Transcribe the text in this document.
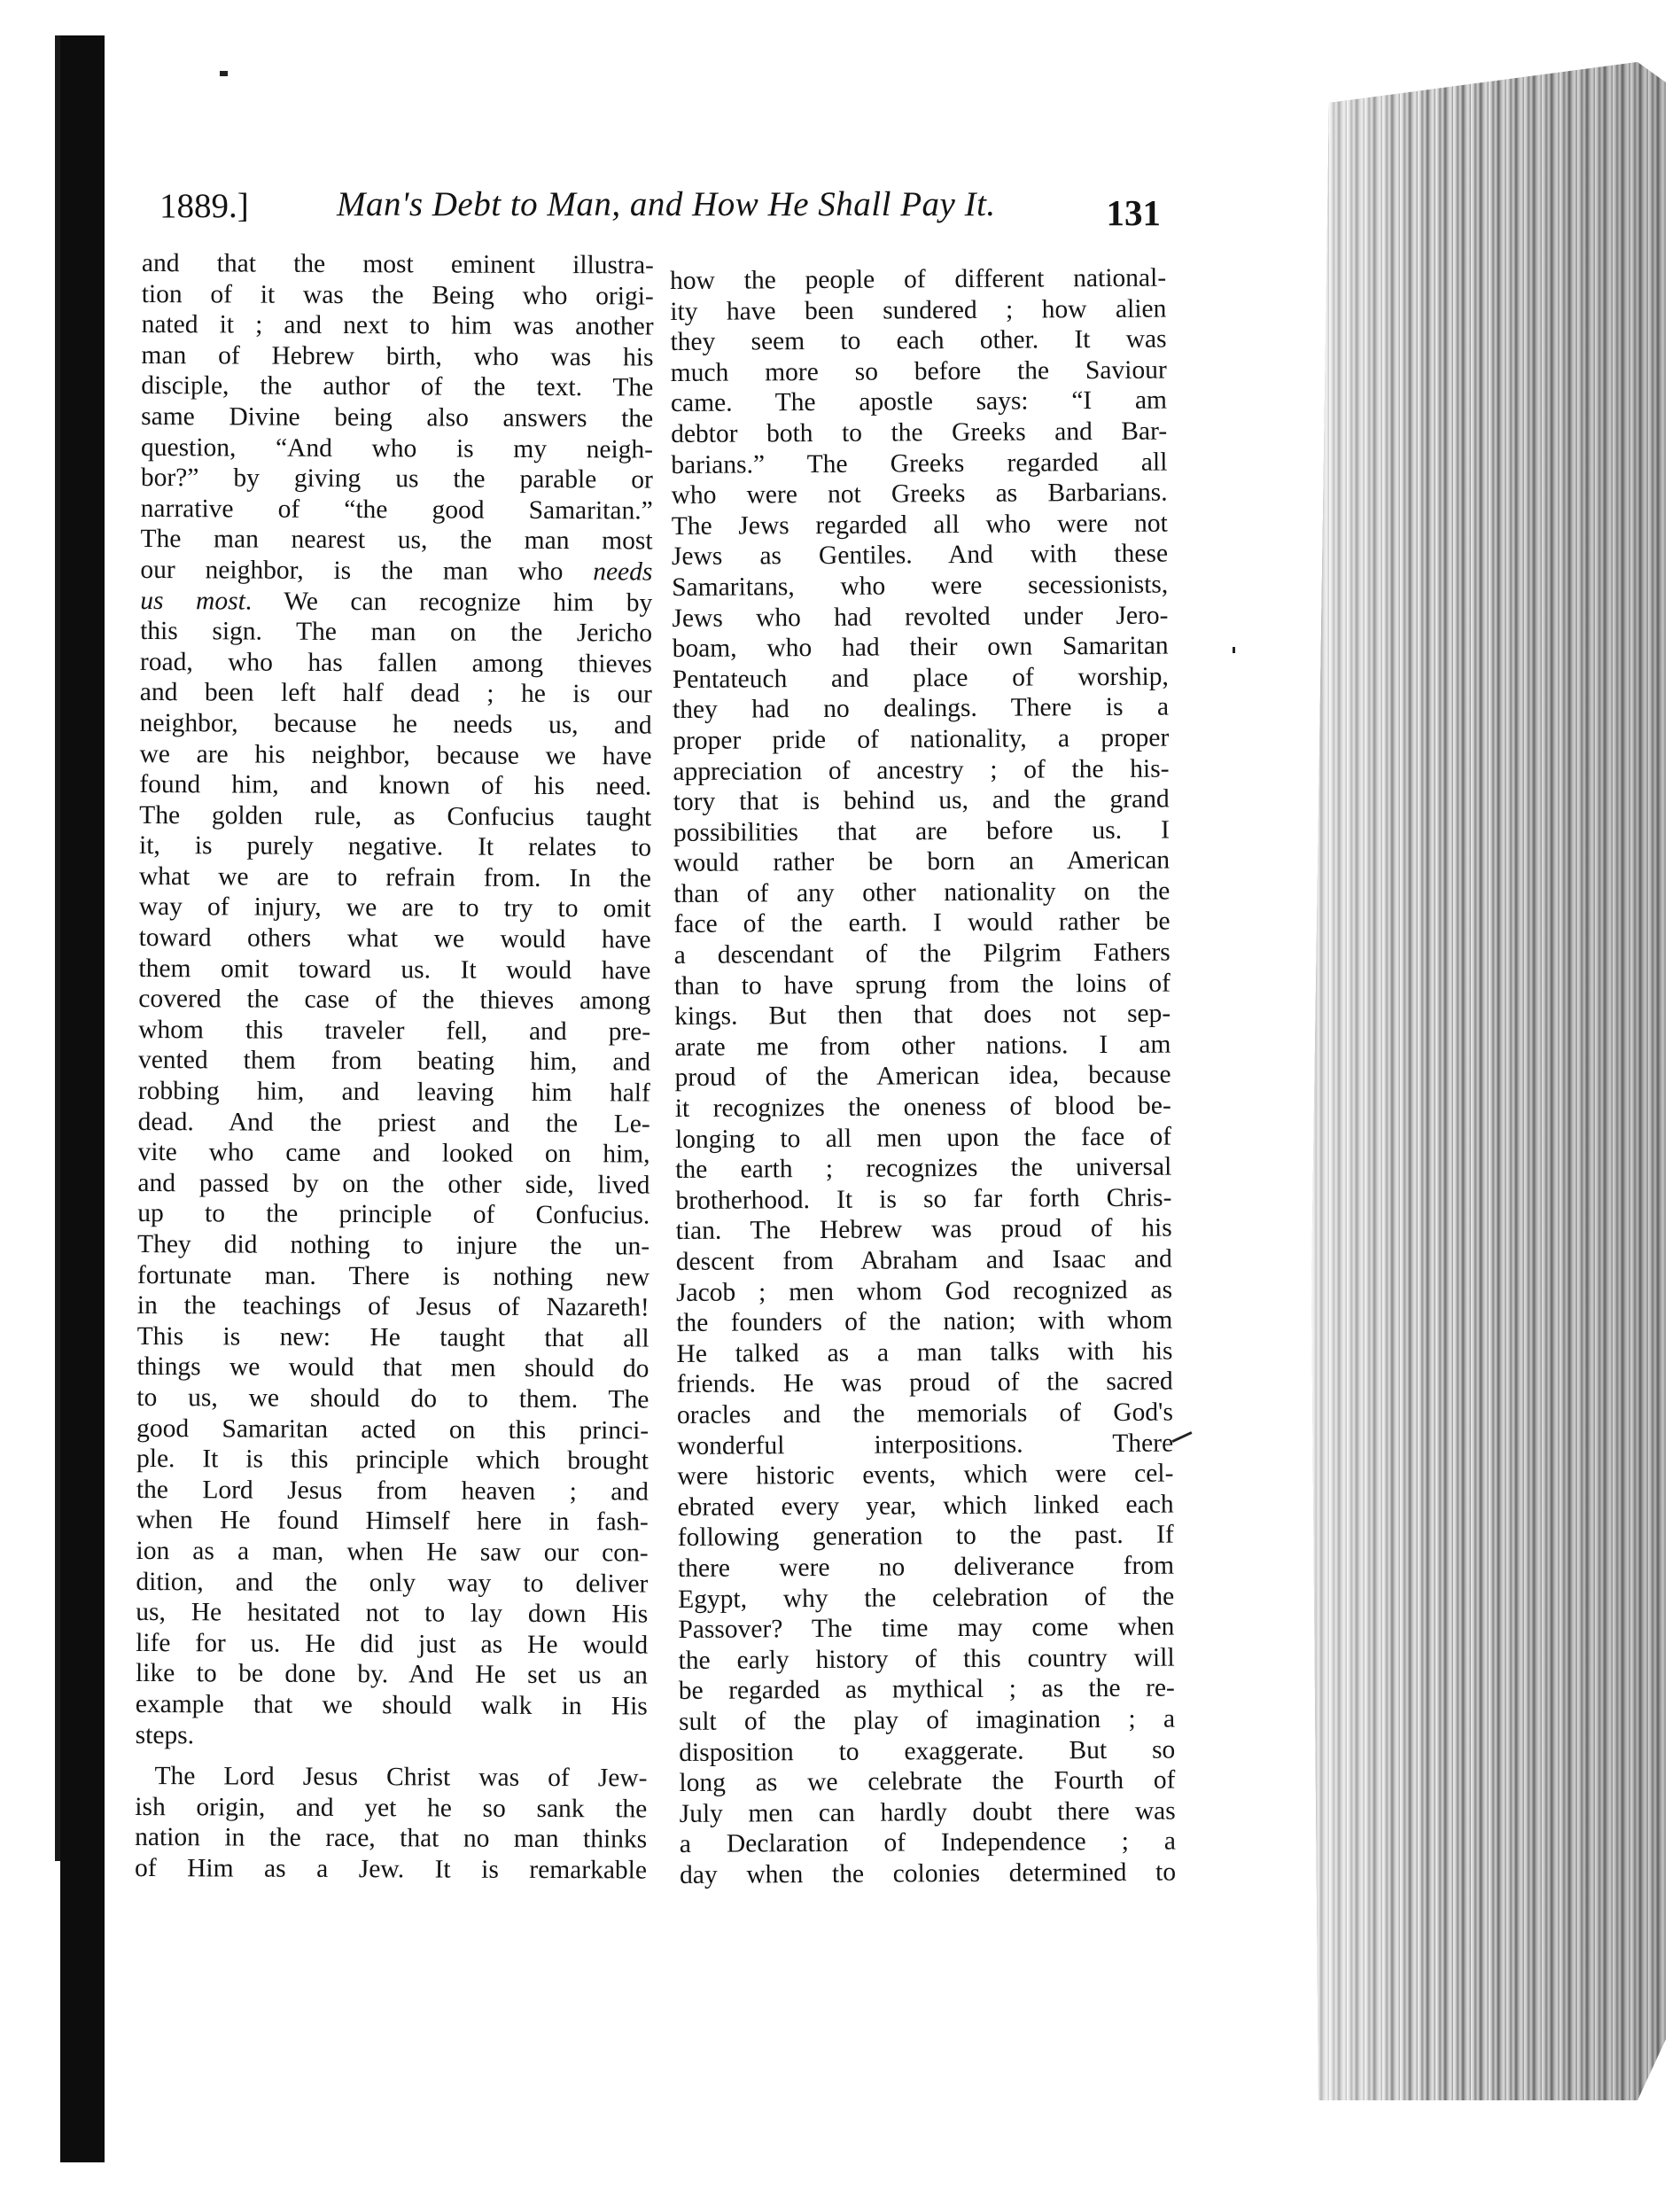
1889.]	Man's Debt to Man, and How He Shall Pay It.	131
and that the most eminent illustra-
tion of it was the Being who origi-
nated it ; and next to him was another
man of Hebrew birth, who was his
disciple, the author of the text. The
same Divine being also answers the
question, “And who is my neigh-
bor?” by giving us the parable or
narrative of “the good Samaritan.”
The man nearest us, the man most
our neighbor, is the man who needs
us most. We can recognize him by
this sign. The man on the Jericho
road, who has fallen among thieves
and been left half dead ; he is our
neighbor, because he needs us, and
we are his neighbor, because we have
found him, and known of his need.
The golden rule, as Confucius taught
it, is purely negative. It relates to
what we are to refrain from. In the
way of injury, we are to try to omit
toward others what we would have
them omit toward us. It would have
covered the case of the thieves among
whom this traveler fell, and pre-
vented them from beating him, and
robbing him, and leaving him half
dead. And the priest and the Le-
vite who came and looked on him,
and passed by on the other side, lived
up to the principle of Confucius.
They did nothing to injure the un-
fortunate man. There is nothing new
in the teachings of Jesus of Nazareth!
This is new: He taught that all
things we would that men should do
to us, we should do to them. The
good Samaritan acted on this princi-
ple. It is this principle which brought
the Lord Jesus from heaven ; and
when He found Himself here in fash-
ion as a man, when He saw our con-
dition, and the only way to deliver
us, He hesitated not to lay down His
life for us. He did just as He would
like to be done by. And He set us an
example that we should walk in His
steps.
The Lord Jesus Christ was of Jew-
ish origin, and yet he so sank the
nation in the race, that no man thinks
of Him as a Jew. It is remarkable
how the people of different national-
ity have been sundered ; how alien
they seem to each other. It was
much more so before the Saviour
came. The apostle says: “I am
debtor both to the Greeks and Bar-
barians.” The Greeks regarded all
who were not Greeks as Barbarians.
The Jews regarded all who were not
Jews as Gentiles. And with these
Samaritans, who were secessionists,
Jews who had revolted under Jero-
boam, who had their own Samaritan
Pentateuch and place of worship,
they had no dealings. There is a
proper pride of nationality, a proper
appreciation of ancestry ; of the his-
tory that is behind us, and the grand
possibilities that are before us. I
would rather be born an American
than of any other nationality on the
face of the earth. I would rather be
a descendant of the Pilgrim Fathers
than to have sprung from the loins of
kings. But then that does not sep-
arate me from other nations. I am
proud of the American idea, because
it recognizes the oneness of blood be-
longing to all men upon the face of
the earth ; recognizes the universal
brotherhood. It is so far forth Chris-
tian. The Hebrew was proud of his
descent from Abraham and Isaac and
Jacob ; men whom God recognized as
the founders of the nation; with whom
He talked as a man talks with his
friends. He was proud of the sacred
oracles and the memorials of God's
wonderful interpositions. There
were historic events, which were cel-
ebrated every year, which linked each
following generation to the past. If
there were no deliverance from
Egypt, why the celebration of the
Passover? The time may come when
the early history of this country will
be regarded as mythical ; as the re-
sult of the play of imagination ; a
disposition to exaggerate. But so
long as we celebrate the Fourth of
July men can hardly doubt there was
a Declaration of Independence ; a
day when the colonies determined to
